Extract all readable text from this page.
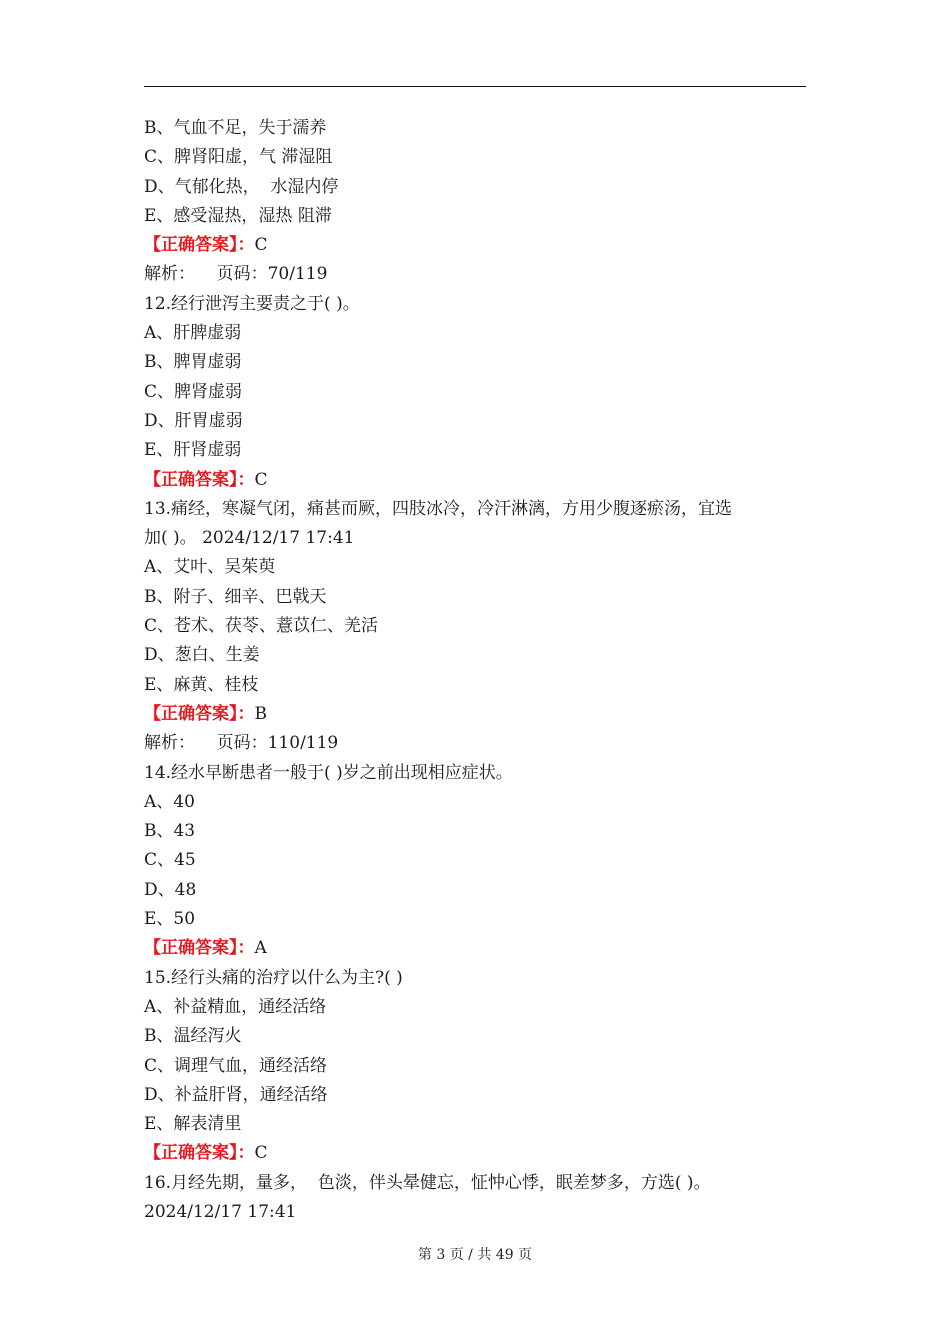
B、气血不足，失于濡养

C、脾肾阳虚，气 滞湿阻

D、气郁化热，  水湿内停

E、感受湿热，湿热 阻滞

【正确答案】：C

解析：    页码：70/119

12.经行泄泻主要责之于( )。

A、肝脾虚弱

B、脾胃虚弱

C、脾肾虚弱

D、肝胃虚弱

E、肝肾虚弱

【正确答案】：C

13.痛经，寒凝气闭，痛甚而厥，四肢冰冷，冷汗淋漓，方用少腹逐瘀汤，宜选

加( )。 2024/12/17 17:41

A、艾叶、吴茱萸

B、附子、细辛、巴戟天

C、苍术、茯苓、薏苡仁、羌活

D、葱白、生姜

E、麻黄、桂枝

【正确答案】：B

解析：    页码：110/119

14.经水早断患者一般于( )岁之前出现相应症状。

A、40

B、43

C、45

D、48

E、50

【正确答案】：A

15.经行头痛的治疗以什么为主?( )

A、补益精血，通经活络

B、温经泻火

C、调理气血，通经活络

D、补益肝肾，通经活络

E、解表清里

【正确答案】：C

16.月经先期，量多，  色淡，伴头晕健忘，怔忡心悸，眠差梦多，方选( )。

2024/12/17 17:41

第 3 页 / 共 49 页
